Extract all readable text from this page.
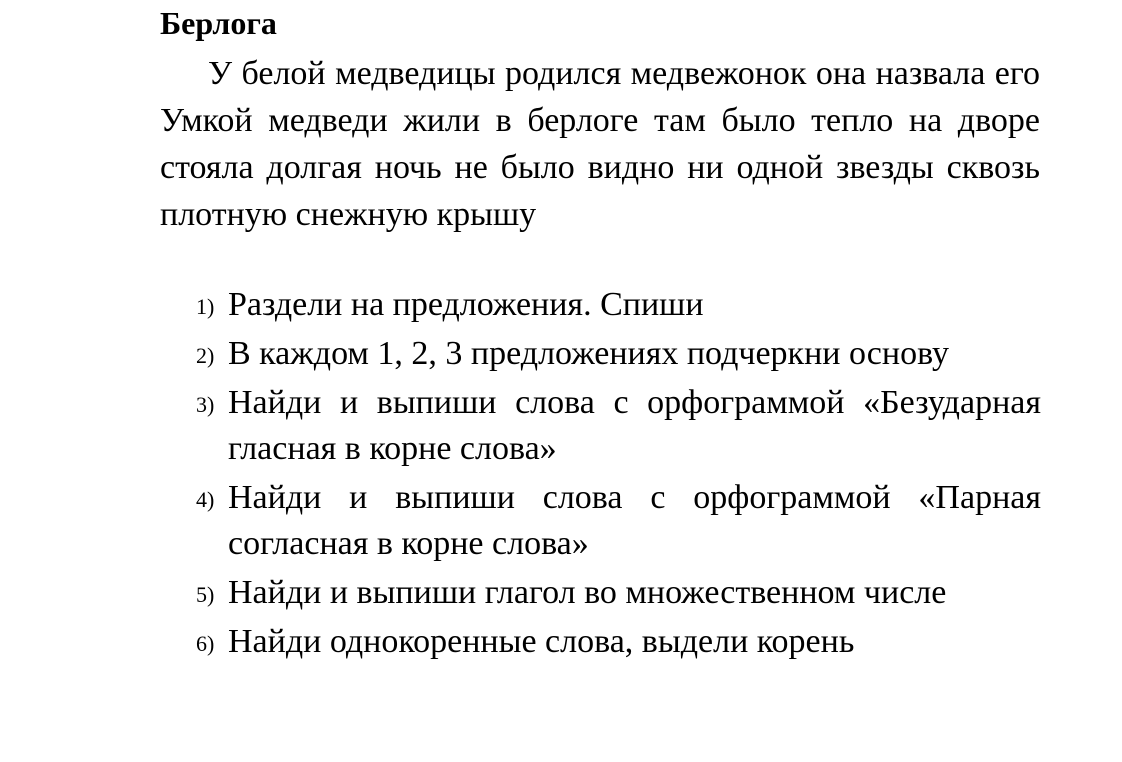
Берлога
У белой медведицы родился медвежонок она назвала его Умкой медведи жили в берлоге там было тепло на дворе стояла долгая ночь не было видно ни одной звезды сквозь плотную снежную крышу
1) Раздели на предложения. Спиши
2) В каждом 1, 2, 3 предложениях подчеркни основу
3) Найди и выпиши слова с орфограммой «Безударная гласная в корне слова»
4) Найди и выпиши слова с орфограммой «Парная согласная в корне слова»
5) Найди и выпиши глагол во множественном числе
6) Найди однокоренные слова, выдели корень
